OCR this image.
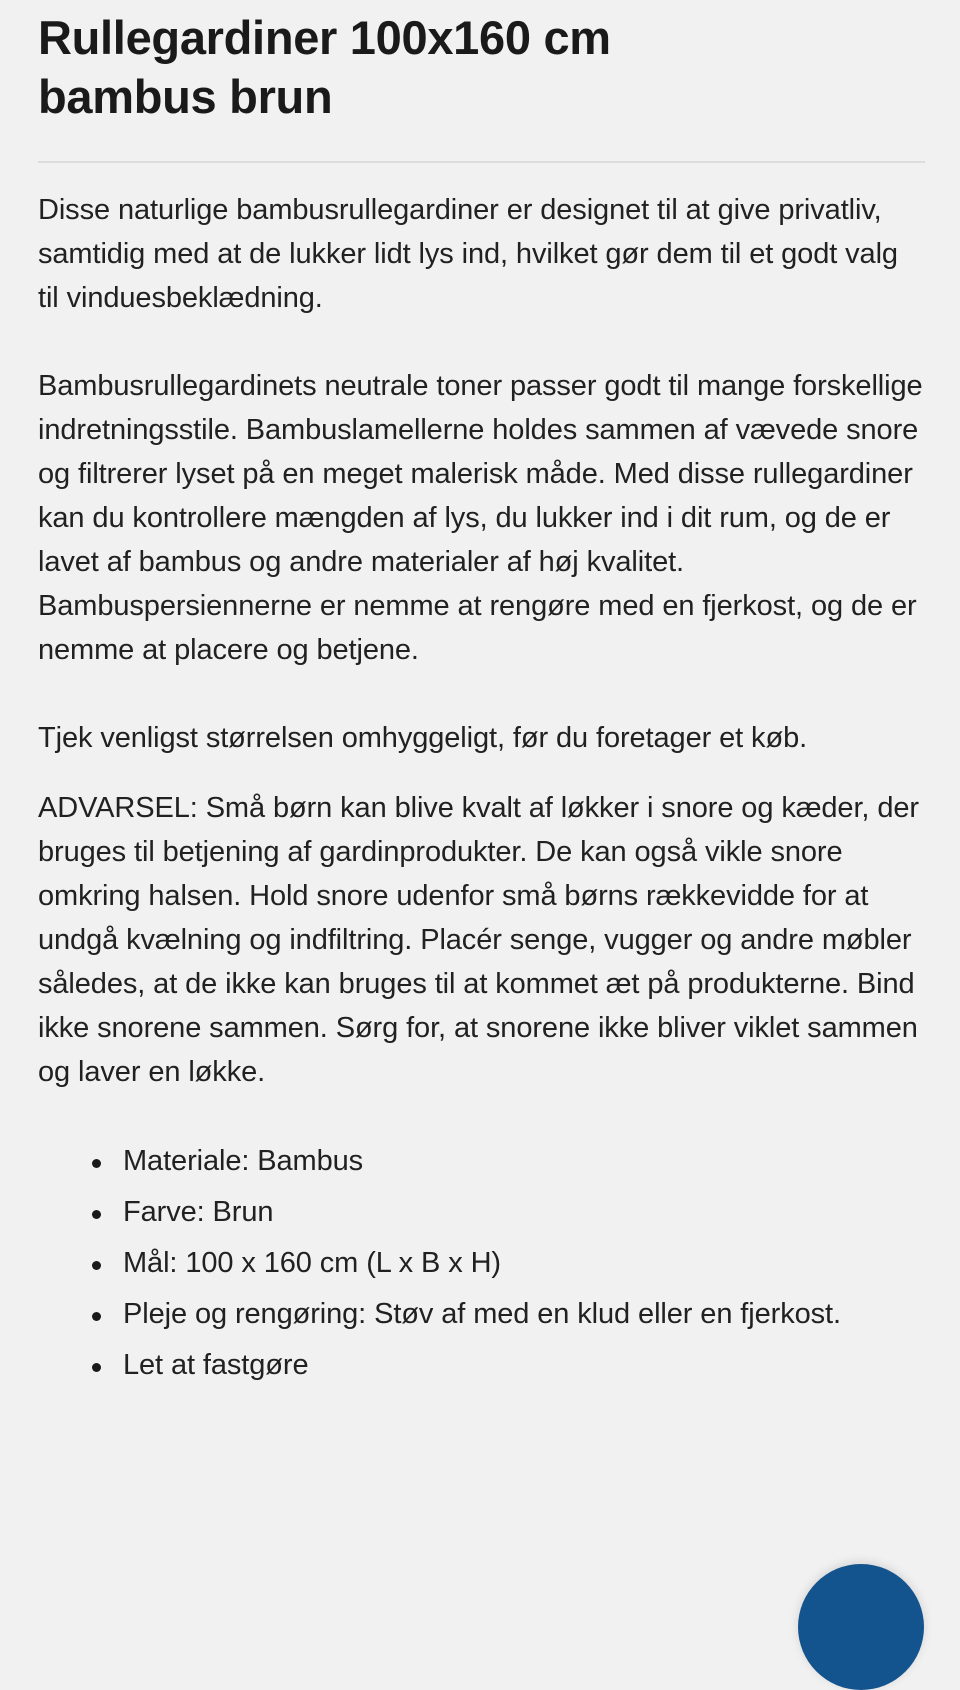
Rullegardiner 100x160 cm bambus brun

Disse naturlige bambusrullegardiner er designet til at give privatliv, samtidig med at de lukker lidt lys ind, hvilket gør dem til et godt valg til vinduesbeklædning.

Bambusrullegardinets neutrale toner passer godt til mange forskellige indretningsstile. Bambuslamellerne holdes sammen af vævede snore og filtrerer lyset på en meget malerisk måde. Med disse rullegardiner kan du kontrollere mængden af lys, du lukker ind i dit rum, og de er lavet af bambus og andre materialer af høj kvalitet. Bambuspersiennerne er nemme at rengøre med en fjerkost, og de er nemme at placere og betjene.

Tjek venligst størrelsen omhyggeligt, før du foretager et køb.

ADVARSEL: Små børn kan blive kvalt af løkker i snore og kæder, der bruges til betjening af gardinprodukter. De kan også vikle snore omkring halsen. Hold snore udenfor små børns rækkevidde for at undgå kvælning og indfiltring. Placér senge, vugger og andre møbler således, at de ikke kan bruges til at kommet æt på produkterne. Bind ikke snorene sammen. Sørg for, at snorene ikke bliver viklet sammen og laver en løkke.

Materiale: Bambus
Farve: Brun
Mål: 100 x 160 cm (L x B x H)
Pleje og rengøring: Støv af med en klud eller en fjerkost.
Let at fastgøre
